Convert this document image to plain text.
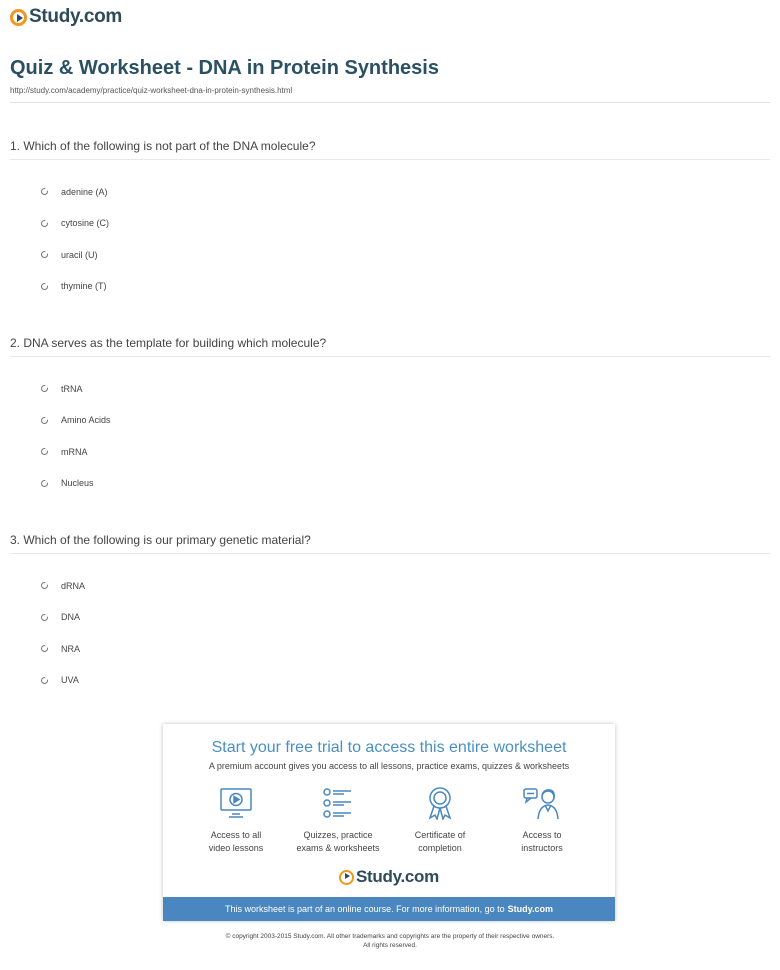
Study.com
Quiz & Worksheet - DNA in Protein Synthesis
http://study.com/academy/practice/quiz-worksheet-dna-in-protein-synthesis.html
1. Which of the following is not part of the DNA molecule?
adenine (A)
cytosine (C)
uracil (U)
thymine (T)
2. DNA serves as the template for building which molecule?
tRNA
Amino Acids
mRNA
Nucleus
3. Which of the following is our primary genetic material?
dRNA
DNA
NRA
UVA
Start your free trial to access this entire worksheet
A premium account gives you access to all lessons, practice exams, quizzes & worksheets
Access to all
video lessons
Quizzes, practice
exams & worksheets
Certificate of
completion
Access to
instructors
Study.com
This worksheet is part of an online course. For more information, go to Study.com
© copyright 2003-2015 Study.com. All other trademarks and copyrights are the property of their respective owners.
All rights reserved.
